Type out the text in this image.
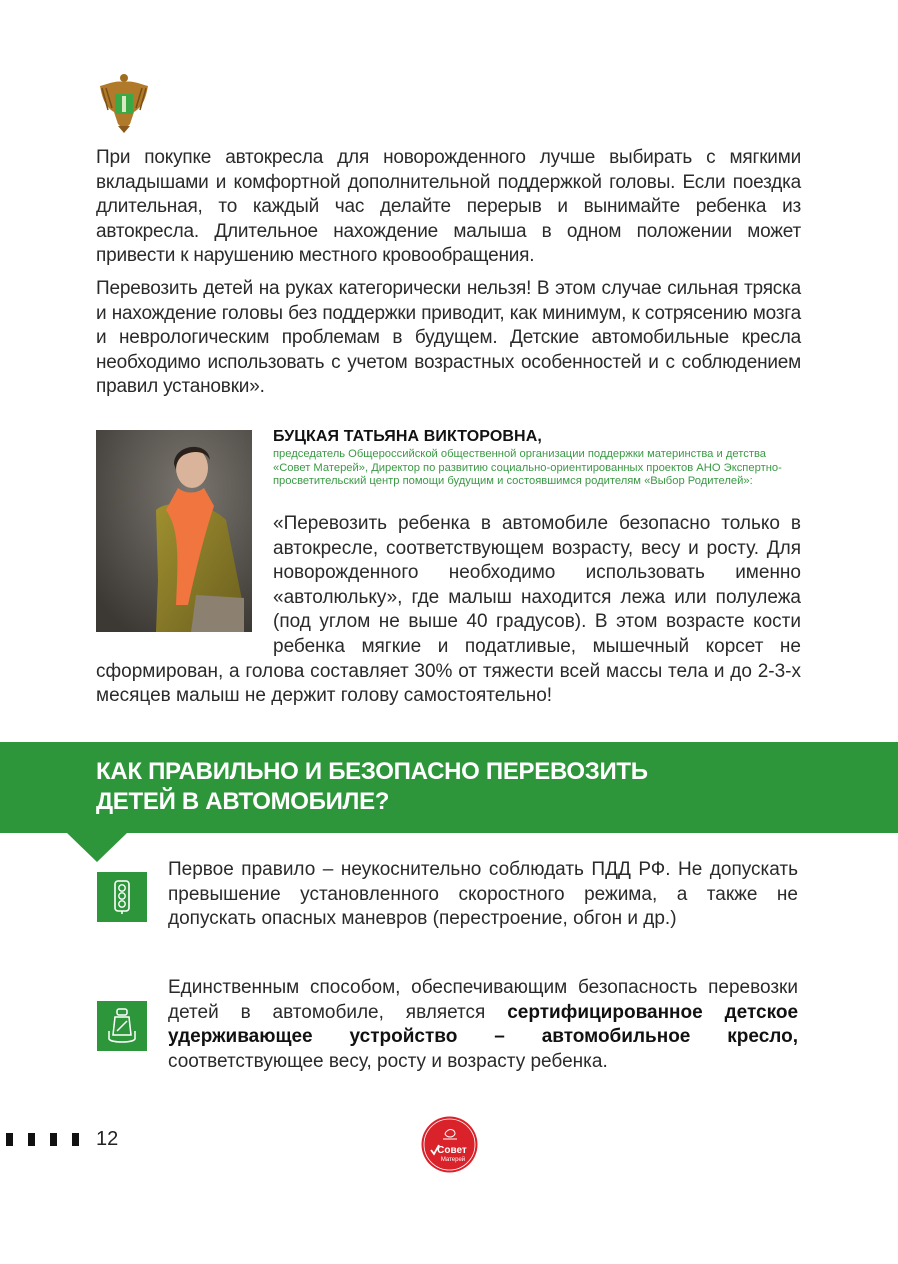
При покупке автокресла для новорожденного лучше выбирать с мягкими вкладышами и комфортной дополнительной поддержкой головы. Если поездка длительная, то каждый час делайте перерыв и вынимайте ребенка из автокресла. Длительное нахождение малыша в одном положении может привести к нарушению местного кровообращения.
Перевозить детей на руках категорически нельзя! В этом случае сильная тряска и нахождение головы без поддержки приводит, как минимум, к сотрясению мозга и неврологическим проблемам в будущем. Детские автомобильные кресла необходимо использовать с учетом возрастных особенностей и с соблюдением правил установки».
БУЦКАЯ ТАТЬЯНА ВИКТОРОВНА,
председатель Общероссийской общественной организации поддержки материнства и детства «Совет Матерей», Директор по развитию социально-ориентированных проектов АНО Экспертно-просветительский центр помощи будущим и состоявшимся родителям «Выбор Родителей»:
«Перевозить ребенка в автомобиле безопасно только в автокресле, соответствующем возрасту, весу и росту. Для новорожденного необходимо использовать именно «автолюльку», где малыш находится лежа или полулежа (под углом не выше 40 градусов). В этом возрасте кости ребенка мягкие и податливые, мышечный корсет не сформирован, а голова составляет 30% от тяжести всей массы тела и до 2-3-х месяцев малыш не держит голову самостоятельно!
КАК ПРАВИЛЬНО И БЕЗОПАСНО ПЕРЕВОЗИТЬ
ДЕТЕЙ В АВТОМОБИЛЕ?
Первое правило – неукоснительно соблюдать ПДД РФ. Не допускать превышение установленного скоростного режима, а также не допускать опасных маневров (перестроение, обгон и др.)
Единственным способом, обеспечивающим безопасность перевозки детей в автомобиле, является сертифицированное детское удерживающее устройство – автомобильное кресло, соответствующее весу, росту и возрасту ребенка.
12
Совет
Матерей
